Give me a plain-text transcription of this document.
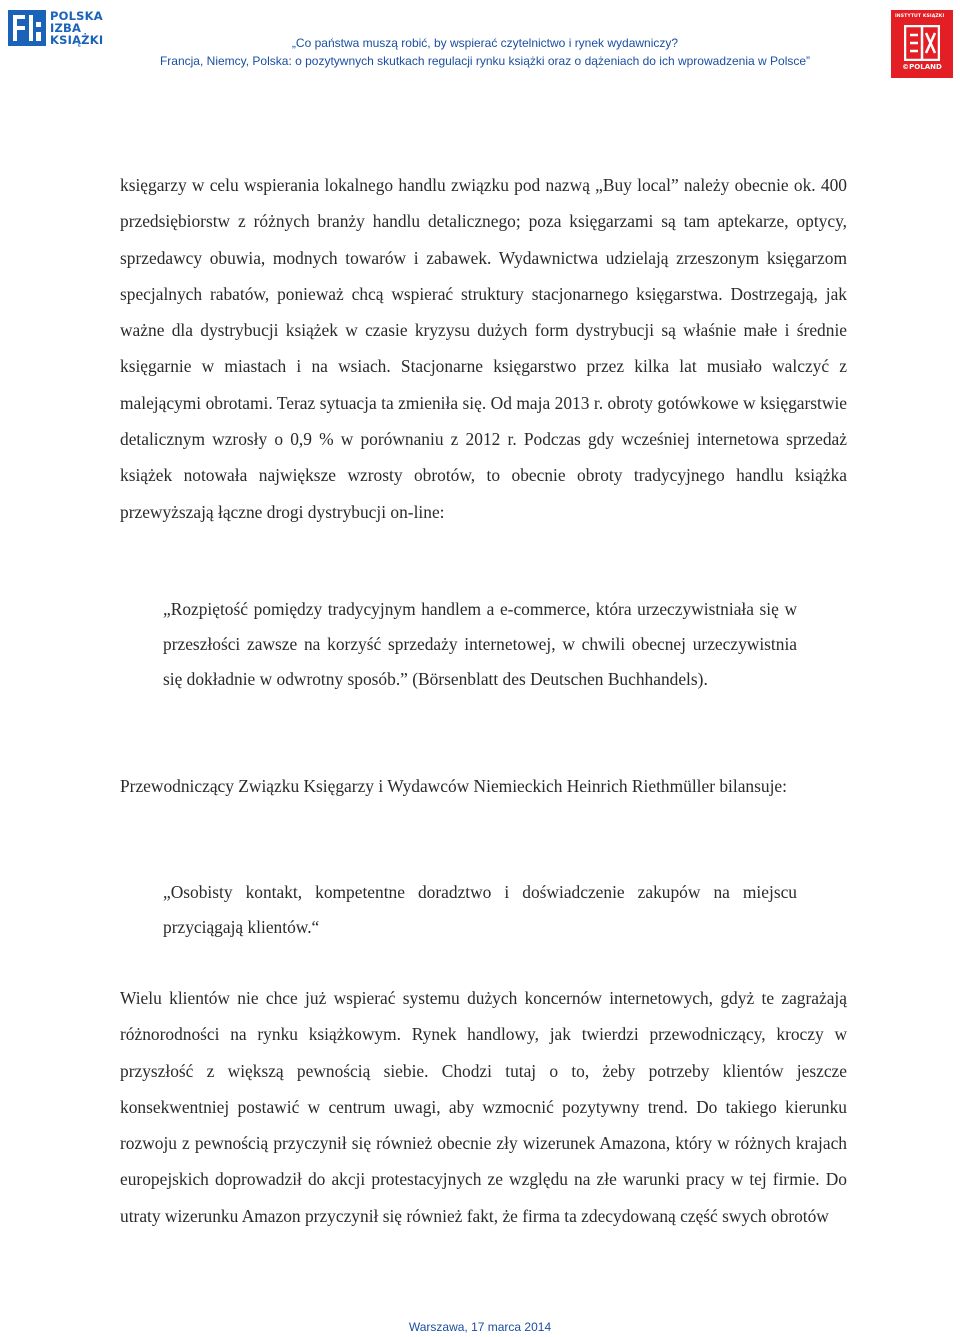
POLSKA
IZBA
KSIĄŻKI	„Co państwa muszą robić, by wspierać czytelnictwo i rynek wydawniczy?
Francja, Niemcy, Polska: o pozytywnych skutkach regulacji rynku książki oraz o dążeniach do ich wprowadzenia w Polsce”
INSTYTUT KSIĄŻKI
©POLAND
księgarzy w celu wspierania lokalnego handlu związku pod nazwą „Buy local” należy obecnie ok. 400 przedsiębiorstw z różnych branży handlu detalicznego; poza księgarzami są tam aptekarze, optycy, sprzedawcy obuwia, modnych towarów i zabawek. Wydawnictwa udzielają zrzeszonym księgarzom specjalnych rabatów, ponieważ chcą wspierać struktury stacjonarnego księgarstwa. Dostrzegają, jak ważne dla dystrybucji książek w czasie kryzysu dużych form dystrybucji są właśnie małe i średnie księgarnie w miastach i na wsiach. Stacjonarne księgarstwo przez kilka lat musiało walczyć z malejącymi obrotami. Teraz sytuacja ta zmieniła się. Od maja 2013 r. obroty gotówkowe w księgarstwie detalicznym wzrosły o 0,9 % w porównaniu z 2012 r. Podczas gdy wcześniej internetowa sprzedaż książek notowała największe wzrosty obrotów, to obecnie obroty tradycyjnego handlu książka przewyższają łączne drogi dystrybucji on-line:
„Rozpiętość pomiędzy tradycyjnym handlem a e-commerce, która urzeczywistniała się w przeszłości zawsze na korzyść sprzedaży internetowej, w chwili obecnej urzeczywistnia się dokładnie w odwrotny sposób.” (Börsenblatt des Deutschen Buchhandels).
Przewodniczący Związku Księgarzy i Wydawców Niemieckich Heinrich Riethmüller bilansuje:
„Osobisty kontakt, kompetentne doradztwo i doświadczenie zakupów na miejscu przyciągają klientów.“
Wielu klientów nie chce już wspierać systemu dużych koncernów internetowych, gdyż te zagrażają różnorodności na rynku książkowym. Rynek handlowy, jak twierdzi przewodniczący, kroczy w przyszłość z większą pewnością siebie. Chodzi tutaj o to, żeby potrzeby klientów jeszcze konsekwentniej postawić w centrum uwagi, aby wzmocnić pozytywny trend. Do takiego kierunku rozwoju z pewnością przyczynił się również obecnie zły wizerunek Amazona, który w różnych krajach europejskich doprowadził do akcji protestacyjnych ze względu na złe warunki pracy w tej firmie. Do utraty wizerunku Amazon przyczynił się również fakt, że firma ta zdecydowaną część swych obrotów
Warszawa, 17 marca 2014
